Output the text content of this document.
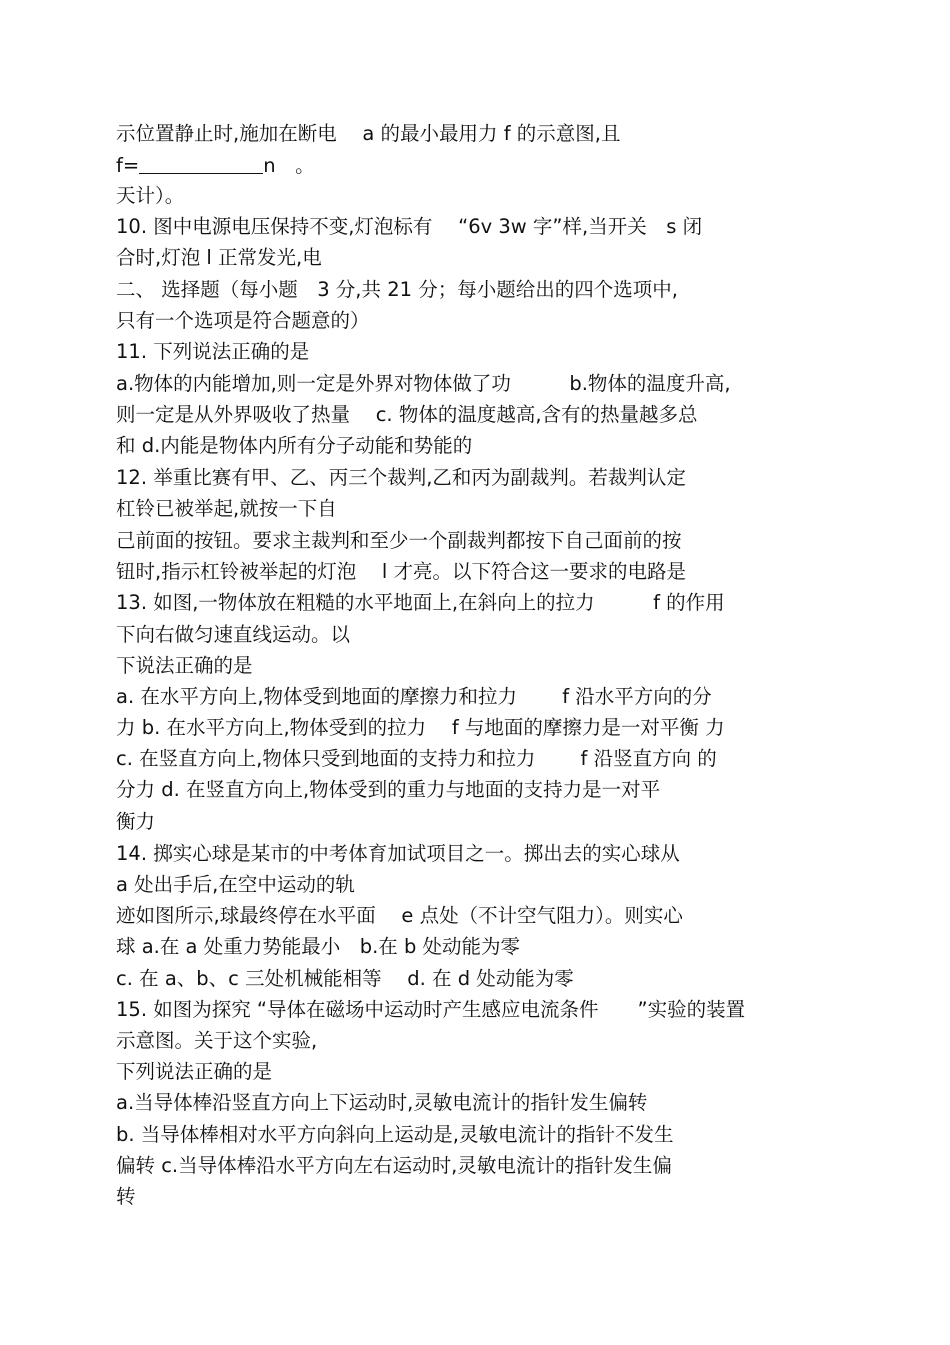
示位置静止时,施加在断电　 a 的最小最用力 f 的示意图,且
f=	n　。
天计）。
10. 图中电源电压保持不变,灯泡标有　 “6v 3w 字”样,当开关　s 闭
合时,灯泡 l 正常发光,电
二、 选择题（每小题　3 分,共 21 分；每小题给出的四个选项中,
只有一个选项是符合题意的）
11. 下列说法正确的是
a.物体的内能增加,则一定是外界对物体做了功　　　b.物体的温度升高,
则一定是从外界吸收了热量　 c. 物体的温度越高,含有的热量越多总
和 d.内能是物体内所有分子动能和势能的
12. 举重比赛有甲、乙、丙三个裁判,乙和丙为副裁判。若裁判认定
杠铃已被举起,就按一下自
己前面的按钮。要求主裁判和至少一个副裁判都按下自己面前的按
钮时,指示杠铃被举起的灯泡　 l 才亮。以下符合这一要求的电路是
13. 如图,一物体放在粗糙的水平地面上,在斜向上的拉力　　　f 的作用
下向右做匀速直线运动。以
下说法正确的是
a. 在水平方向上,物体受到地面的摩擦力和拉力　　 f 沿水平方向的分
力 b. 在水平方向上,物体受到的拉力　 f 与地面的摩擦力是一对平衡 力
c. 在竖直方向上,物体只受到地面的支持力和拉力　　 f 沿竖直方向 的
分力 d. 在竖直方向上,物体受到的重力与地面的支持力是一对平
衡力
14. 掷实心球是某市的中考体育加试项目之一。掷出去的实心球从
a 处出手后,在空中运动的轨
迹如图所示,球最终停在水平面　 e 点处（不计空气阻力）。则实心
球 a.在 a 处重力势能最小　b.在 b 处动能为零
c. 在 a、b、c 三处机械能相等　 d. 在 d 处动能为零
15. 如图为探究 “导体在磁场中运动时产生感应电流条件　　”实验的装置
示意图。关于这个实验,
下列说法正确的是
a.当导体棒沿竖直方向上下运动时,灵敏电流计的指针发生偏转
b. 当导体棒相对水平方向斜向上运动是,灵敏电流计的指针不发生
偏转 c.当导体棒沿水平方向左右运动时,灵敏电流计的指针发生偏
转
